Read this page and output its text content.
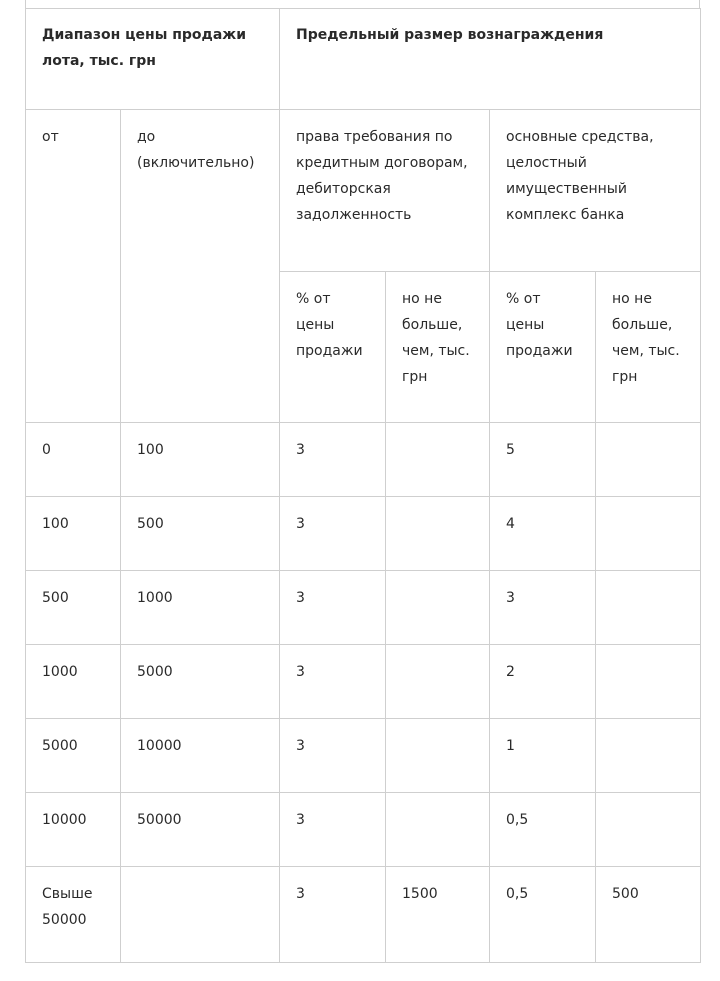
Диапазон цены продажи лота, тыс. грн		Предельный размер вознаграждения			
от	до (включительно)	права требования по кредитным договорам, дебиторская задолженность		основные средства, целостный имущественный комплекс банка	
		% от цены продажи	но не больше, чем, тыс. грн	% от цены продажи	но не больше, чем, тыс. грн
0	100	3		5	
100	500	3		4	
500	1000	3		3	
1000	5000	3		2	
5000	10000	3		1	
10000	50000	3		0,5	
Свыше 50000		3	1500	0,5	500
